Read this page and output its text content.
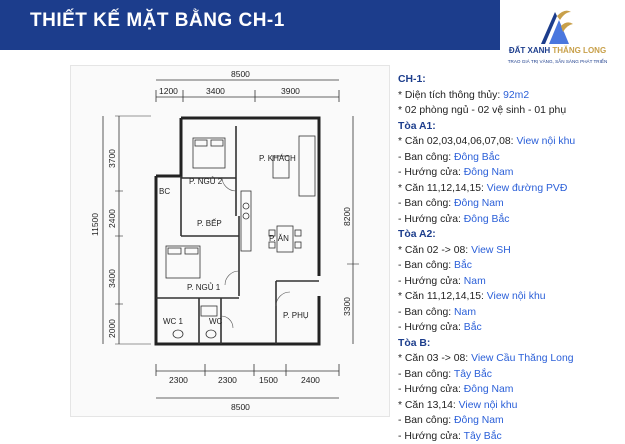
THIẾT KẾ MẶT BẰNG CH-1
ĐẤT XANH THĂNG LONG
TRAO GIÁ TRỊ VÀNG, SẴN SÀNG PHÁT TRIỂN
8500
1200	3400	3900
11500
3700
2400
3400
2000
8200
3300
2300	2300	1500	2400
8500
P. KHÁCH
P. NGỦ 2
BC
P. BẾP
P. ĂN
P. NGỦ 1
WC 1	WC
P. PHỤ
CH-1:
* Diện tích thông thủy: 92m2
* 02 phòng ngủ - 02 vệ sinh - 01 phụ
Tòa A1:
* Căn 02,03,04,06,07,08: View nội khu
- Ban công: Đông Bắc
- Hướng cửa: Đông Nam
* Căn 11,12,14,15: View đường PVĐ
- Ban công: Đông Nam
- Hướng cửa: Đông Bắc
Tòa A2:
* Căn 02 -> 08: View SH
- Ban công: Bắc
- Hướng cửa: Nam
* Căn 11,12,14,15: View nội khu
- Ban công: Nam
- Hướng cửa: Bắc
Tòa B:
* Căn 03 -> 08: View Cầu Thăng Long
- Ban công: Tây Bắc
- Hướng cửa: Đông Nam
* Căn 13,14: View nội khu
- Ban công: Đông Nam
- Hướng cửa: Tây Bắc
